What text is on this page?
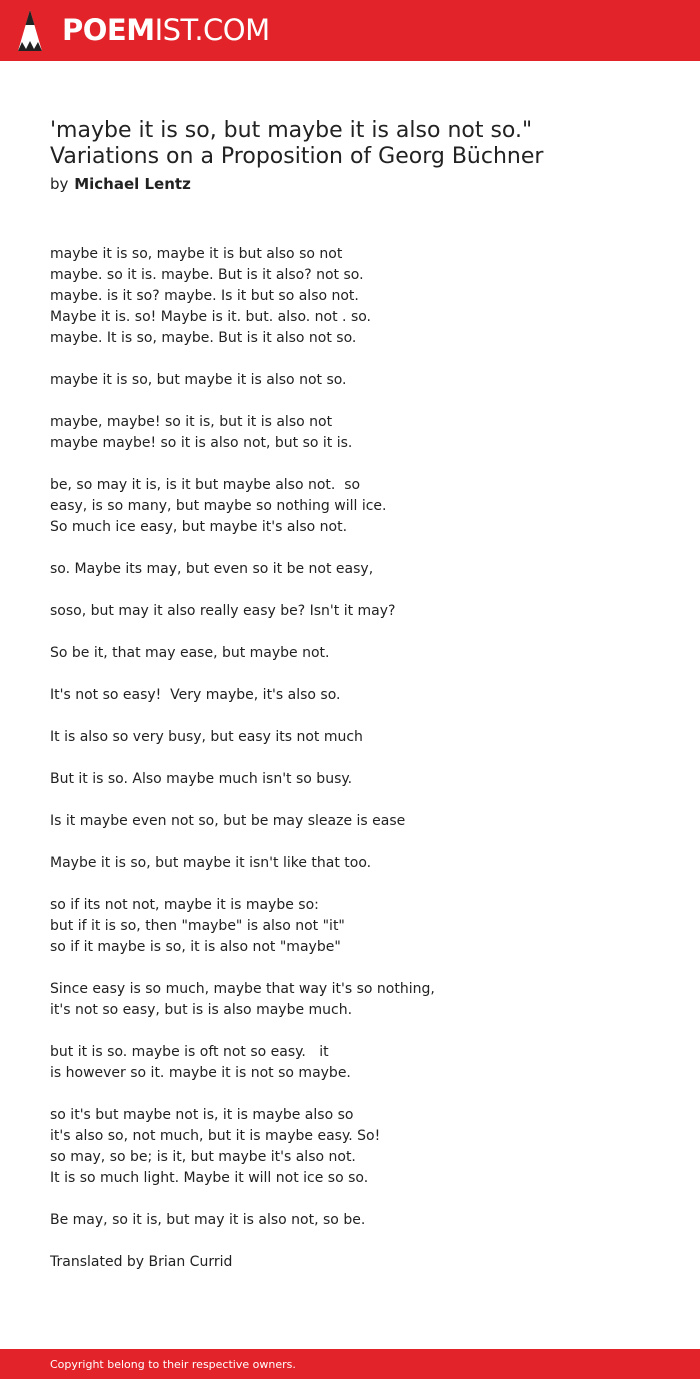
POEMIST.COM
'maybe it is so, but maybe it is also not so."
Variations on a Proposition of Georg Büchner
by Michael Lentz
maybe it is so, maybe it is but also so not
maybe. so it is. maybe. But is it also? not so.
maybe. is it so? maybe. Is it but so also not.
Maybe it is. so! Maybe is it. but. also. not . so.
maybe. It is so, maybe. But is it also not so.
maybe it is so, but maybe it is also not so.
maybe, maybe! so it is, but it is also not
maybe maybe! so it is also not, but so it is.
be, so may it is, is it but maybe also not.  so
easy, is so many, but maybe so nothing will ice.
So much ice easy, but maybe it's also not.
so. Maybe its may, but even so it be not easy,
soso, but may it also really easy be? Isn't it may?
So be it, that may ease, but maybe not.
It's not so easy!  Very maybe, it's also so.
It is also so very busy, but easy its not much
But it is so. Also maybe much isn't so busy.
Is it maybe even not so, but be may sleaze is ease
Maybe it is so, but maybe it isn't like that too.
so if its not not, maybe it is maybe so:
but if it is so, then "maybe" is also not "it"
so if it maybe is so, it is also not "maybe"
Since easy is so much, maybe that way it's so nothing,
it's not so easy, but is is also maybe much.
but it is so. maybe is oft not so easy.   it
is however so it. maybe it is not so maybe.
so it's but maybe not is, it is maybe also so
it's also so, not much, but it is maybe easy. So!
so may, so be; is it, but maybe it's also not.
It is so much light. Maybe it will not ice so so.
Be may, so it is, but may it is also not, so be.
Translated by Brian Currid
Copyright belong to their respective owners.
